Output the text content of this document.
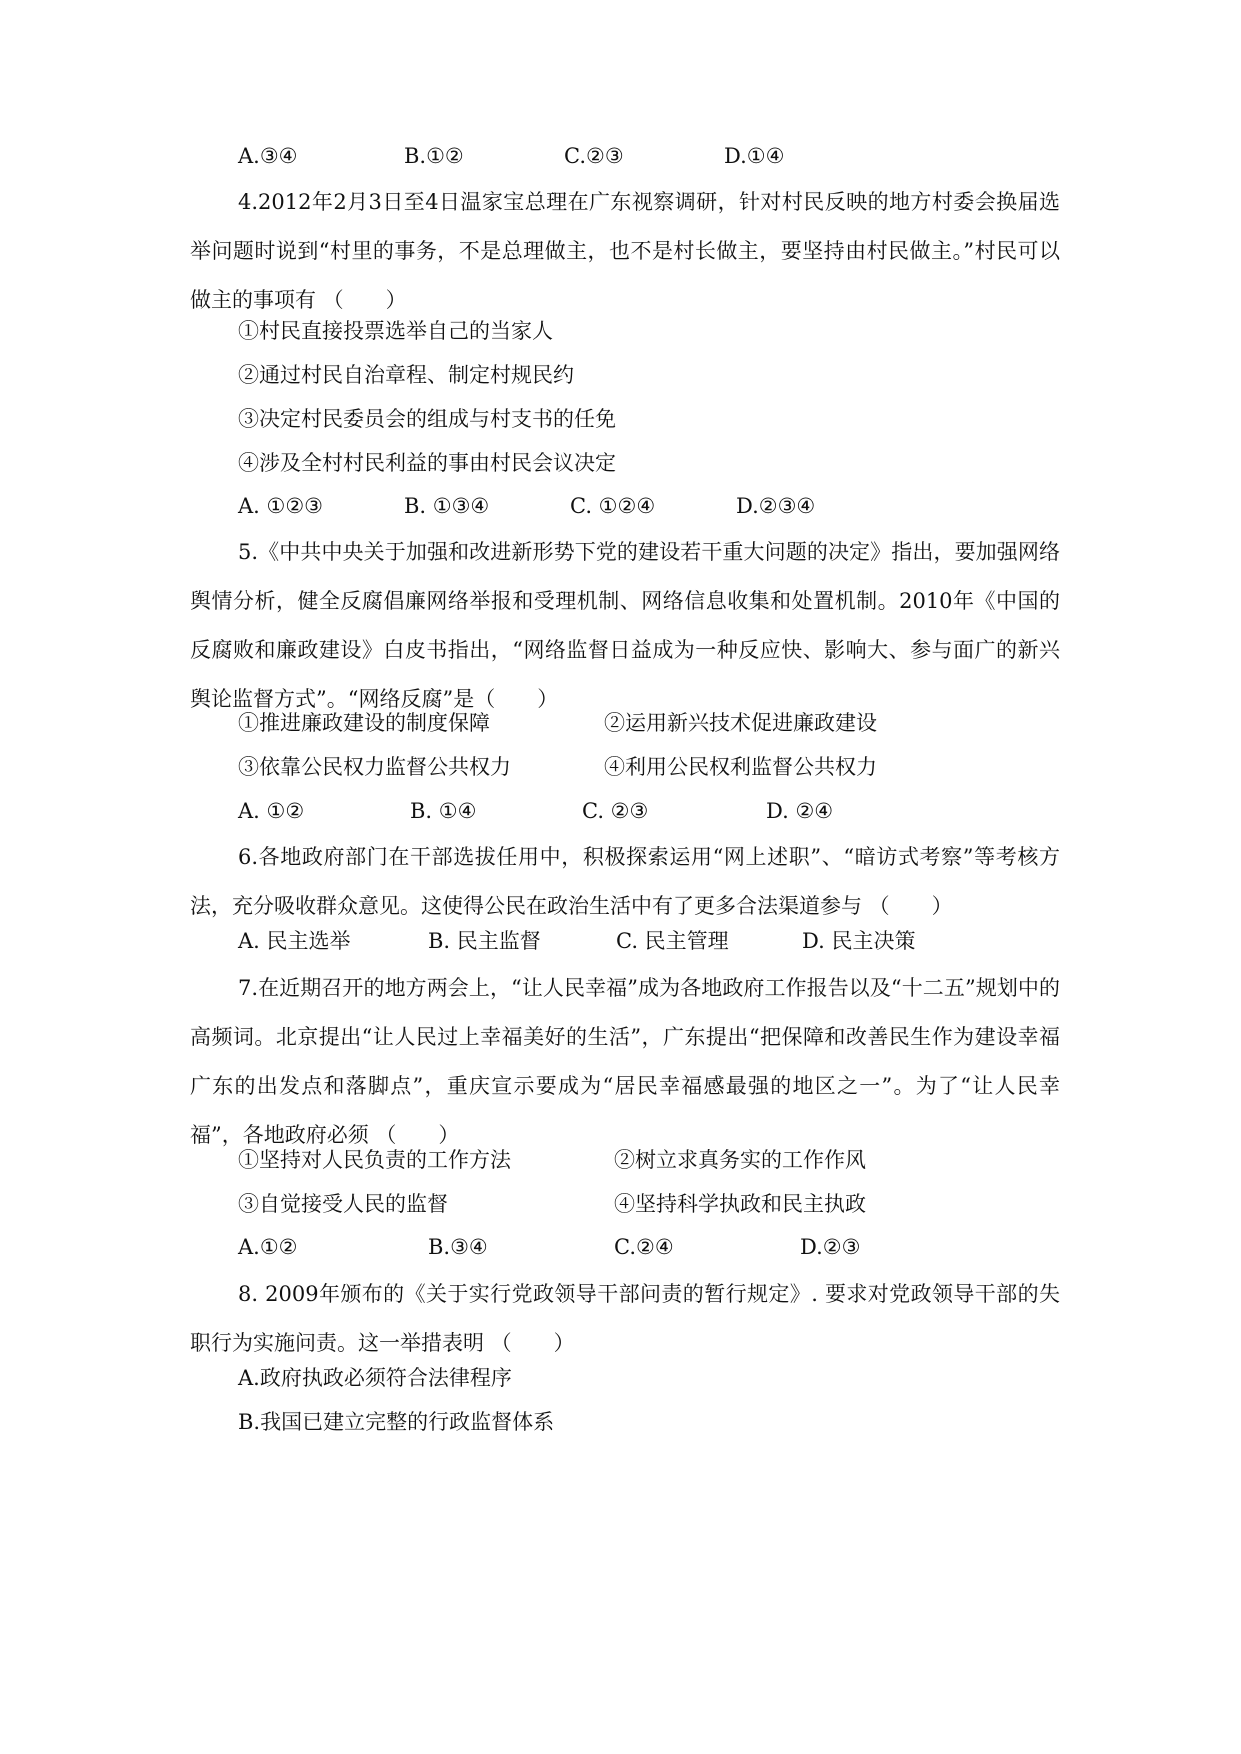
A.③④	B.①②	C.②③	D.①④
4.2012年2月3日至4日温家宝总理在广东视察调研，针对村民反映的地方村委会换届选举问题时说到“村里的事务，不是总理做主，也不是村长做主，要坚持由村民做主。”村民可以做主的事项有 （　　）
①村民直接投票选举自己的当家人
②通过村民自治章程、制定村规民约
③决定村民委员会的组成与村支书的任免
④涉及全村村民利益的事由村民会议决定
A. ①②③	B. ①③④	C. ①②④	D.②③④
5.《中共中央关于加强和改进新形势下党的建设若干重大问题的决定》指出，要加强网络舆情分析，健全反腐倡廉网络举报和受理机制、网络信息收集和处置机制。2010年《中国的反腐败和廉政建设》白皮书指出，“网络监督日益成为一种反应快、影响大、参与面广的新兴舆论监督方式”。“网络反腐”是（　　）
①推进廉政建设的制度保障	②运用新兴技术促进廉政建设
③依靠公民权力监督公共权力	④利用公民权利监督公共权力
A. ①②	B. ①④	C. ②③	D. ②④
6.各地政府部门在干部选拔任用中，积极探索运用“网上述职”、“暗访式考察”等考核方法，充分吸收群众意见。这使得公民在政治生活中有了更多合法渠道参与 （　　）
A. 民主选举	B. 民主监督	C. 民主管理	D. 民主决策
7.在近期召开的地方两会上，“让人民幸福”成为各地政府工作报告以及“十二五”规划中的高频词。北京提出“让人民过上幸福美好的生活”，广东提出“把保障和改善民生作为建设幸福广东的出发点和落脚点”，重庆宣示要成为“居民幸福感最强的地区之一”。为了“让人民幸福”，各地政府必须 （　　）
①坚持对人民负责的工作方法	②树立求真务实的工作作风
③自觉接受人民的监督	④坚持科学执政和民主执政
A.①②	B.③④	C.②④	D.②③
8. 2009年颁布的《关于实行党政领导干部问责的暂行规定》. 要求对党政领导干部的失职行为实施问责。这一举措表明 （　　）
A.政府执政必须符合法律程序
B.我国已建立完整的行政监督体系
